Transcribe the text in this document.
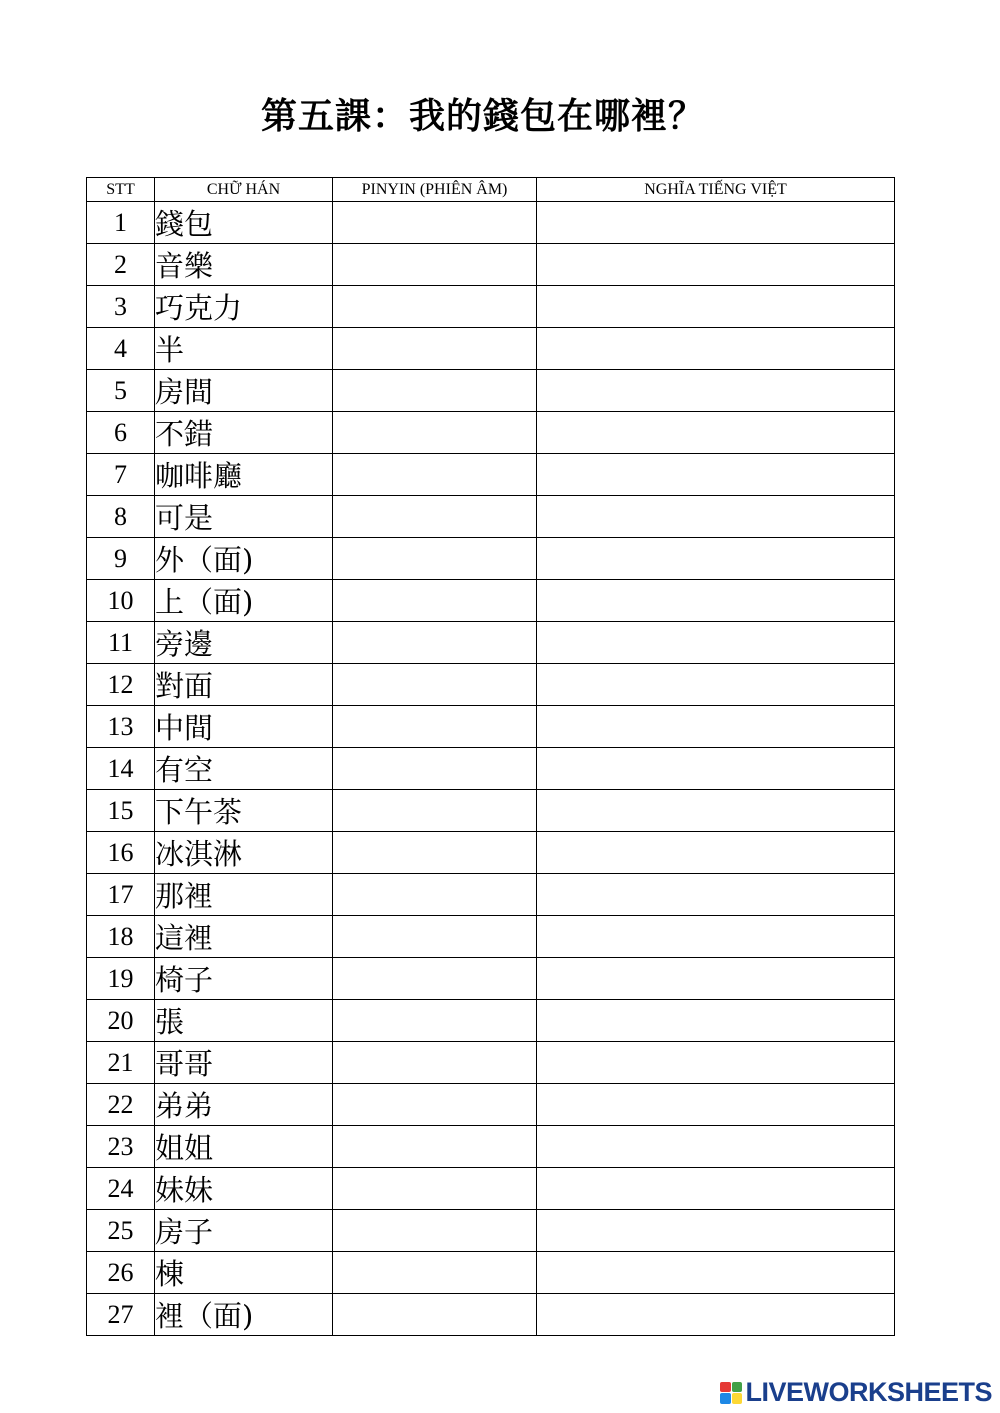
第五課：我的錢包在哪裡？
STT	CHỮ HÁN	PINYIN (PHIÊN ÂM)	NGHĨA TIẾNG VIỆT
1	錢包		
2	音樂		
3	巧克力		
4	半		
5	房間		
6	不錯		
7	咖啡廳		
8	可是		
9	外（面)		
10	上（面)		
11	旁邊		
12	對面		
13	中間		
14	有空		
15	下午茶		
16	冰淇淋		
17	那裡		
18	這裡		
19	椅子		
20	張		
21	哥哥		
22	弟弟		
23	姐姐		
24	妹妹		
25	房子		
26	棟		
27	裡（面)		
LIVEWORKSHEETS
